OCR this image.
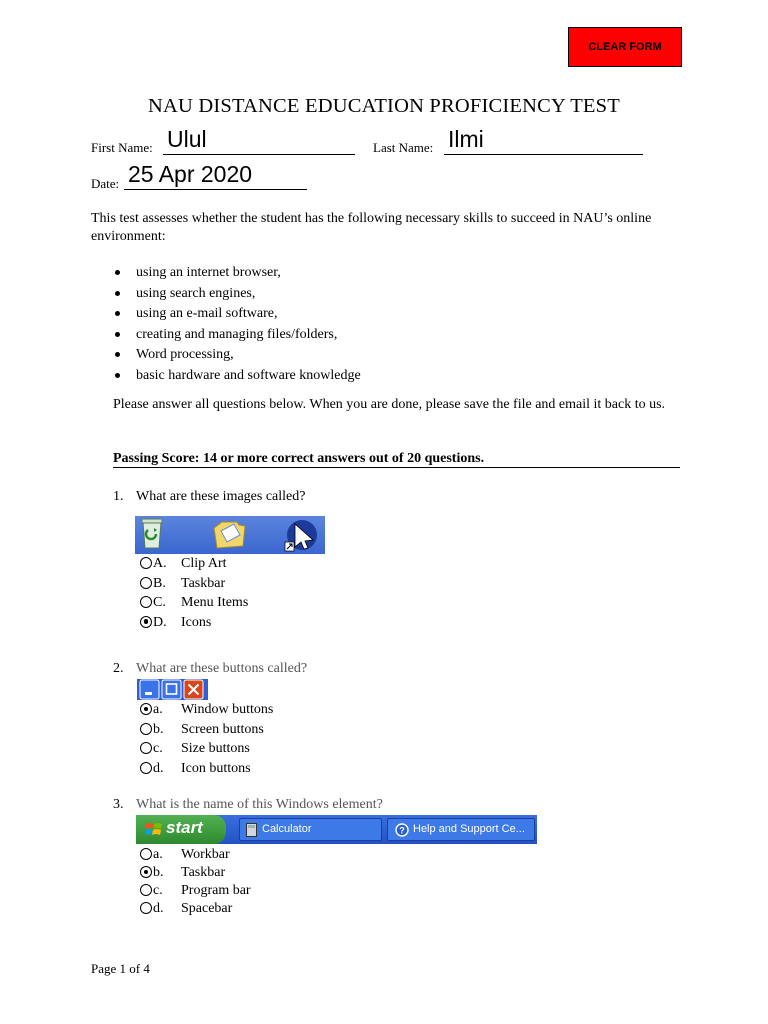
CLEAR FORM
NAU DISTANCE EDUCATION PROFICIENCY TEST
First Name: Ulul	Last Name: Ilmi
Date: 25 Apr 2020
This test assesses whether the student has the following necessary skills to succeed in NAU’s online environment:
using an internet browser,
using search engines,
using an e-mail software,
creating and managing files/folders,
Word processing,
basic hardware and software knowledge
Please answer all questions below. When you are done, please save the file and email it back to us.
Passing Score: 14 or more correct answers out of 20 questions.
1. What are these images called?
A. Clip Art
B. Taskbar
C. Menu Items
D. Icons
2. What are these buttons called?
a. Window buttons
b. Screen buttons
c. Size buttons
d. Icon buttons
3. What is the name of this Windows element?
start	Calculator	? Help and Support Ce...
a. Workbar
b. Taskbar
c. Program bar
d. Spacebar
Page 1 of 4
